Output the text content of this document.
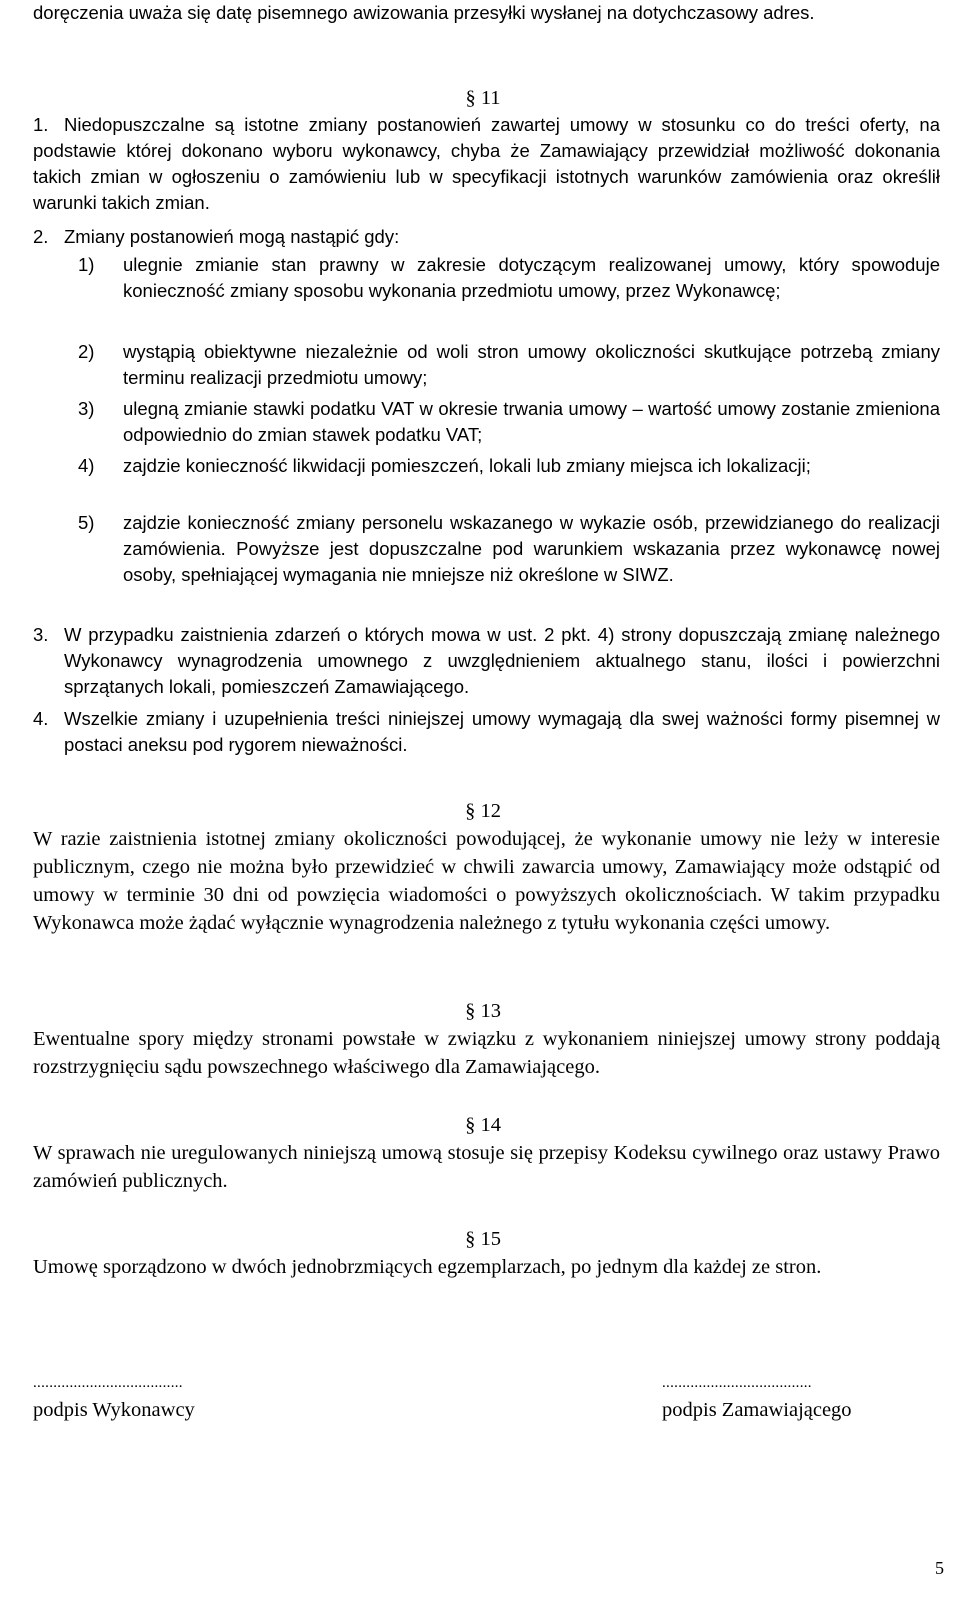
doręczenia uważa się datę pisemnego awizowania przesyłki wysłanej na dotychczasowy adres.
§ 11
1. Niedopuszczalne są istotne zmiany postanowień zawartej umowy w stosunku co do treści oferty, na podstawie której dokonano wyboru wykonawcy, chyba że Zamawiający przewidział możliwość dokonania takich zmian w ogłoszeniu o zamówieniu lub w specyfikacji istotnych warunków zamówienia oraz określił warunki takich zmian.
2. Zmiany postanowień mogą nastąpić gdy:
1)	ulegnie zmianie stan prawny w zakresie dotyczącym realizowanej umowy, który spowoduje konieczność zmiany sposobu wykonania przedmiotu umowy, przez Wykonawcę;
2)	wystąpią obiektywne niezależnie od woli stron umowy okoliczności skutkujące potrzebą zmiany terminu realizacji przedmiotu umowy;
3)	ulegną zmianie stawki podatku VAT w okresie trwania umowy – wartość umowy zostanie zmieniona odpowiednio do zmian stawek podatku VAT;
4)	zajdzie konieczność likwidacji pomieszczeń, lokali lub zmiany miejsca ich lokalizacji;
5)	zajdzie konieczność zmiany personelu wskazanego w wykazie osób, przewidzianego do realizacji zamówienia. Powyższe jest dopuszczalne pod warunkiem wskazania przez wykonawcę nowej osoby, spełniającej wymagania nie mniejsze niż określone w SIWZ.
3. W przypadku zaistnienia zdarzeń o których mowa w ust. 2 pkt. 4) strony dopuszczają zmianę należnego Wykonawcy wynagrodzenia umownego z uwzględnieniem aktualnego stanu, ilości i powierzchni sprzątanych lokali, pomieszczeń Zamawiającego.
4. Wszelkie zmiany i uzupełnienia treści niniejszej umowy wymagają dla swej ważności formy pisemnej w postaci aneksu pod rygorem nieważności.
§ 12
W razie zaistnienia istotnej zmiany okoliczności powodującej, że wykonanie umowy nie leży w interesie publicznym, czego nie można było przewidzieć w chwili zawarcia umowy, Zamawiający może odstąpić od umowy w terminie 30 dni od powzięcia wiadomości o powyższych okolicznościach. W takim przypadku Wykonawca może żądać wyłącznie wynagrodzenia należnego z tytułu wykonania części umowy.
§ 13
Ewentualne spory między stronami powstałe w związku z wykonaniem niniejszej umowy strony poddają rozstrzygnięciu sądu powszechnego właściwego dla Zamawiającego.
§ 14
W sprawach nie uregulowanych niniejszą umową stosuje się przepisy Kodeksu cywilnego oraz ustawy Prawo zamówień publicznych.
§ 15
Umowę sporządzono w dwóch jednobrzmiących egzemplarzach, po jednym dla każdej ze stron.
.....................................
podpis Wykonawcy
.....................................
podpis Zamawiającego
5
